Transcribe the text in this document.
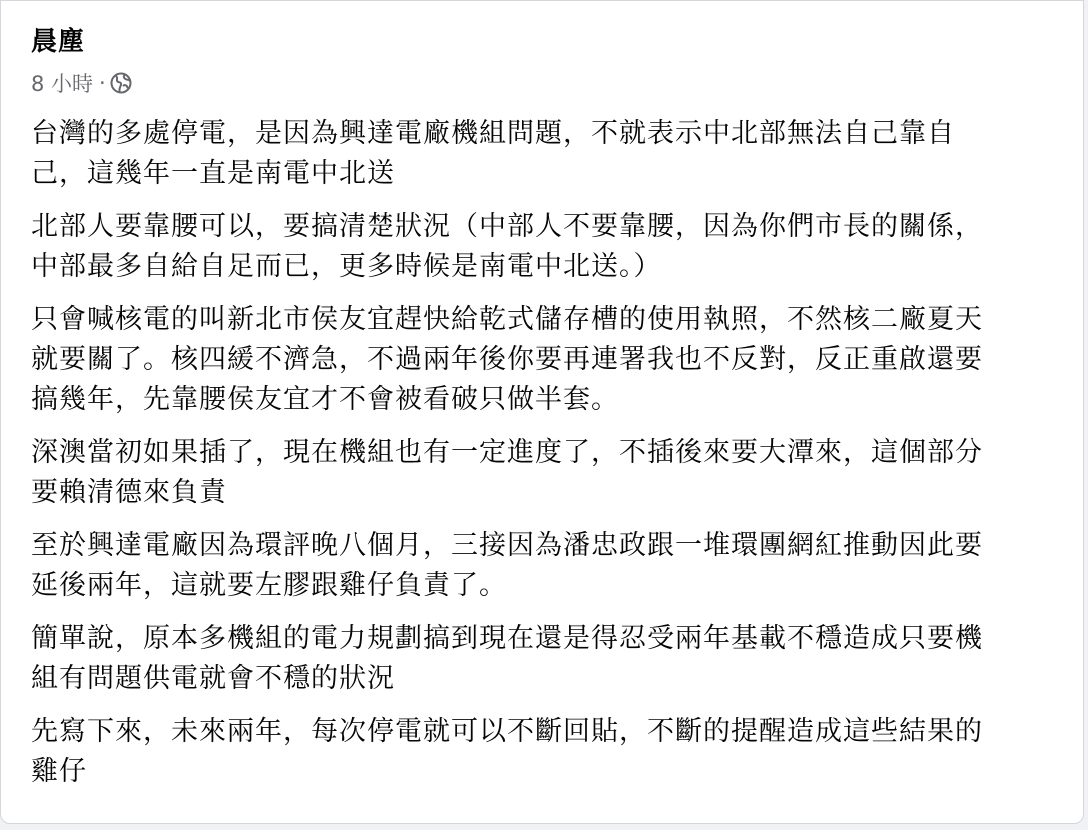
晨塵
8 小時 ·

台灣的多處停電，是因為興達電廠機組問題，不就表示中北部無法自己靠自
己，這幾年一直是南電中北送

北部人要靠腰可以，要搞清楚狀況（中部人不要靠腰，因為你們市長的關係，
中部最多自給自足而已，更多時候是南電中北送。）

只會喊核電的叫新北市侯友宜趕快給乾式儲存槽的使用執照，不然核二廠夏天
就要關了。核四緩不濟急，不過兩年後你要再連署我也不反對，反正重啟還要
搞幾年，先靠腰侯友宜才不會被看破只做半套。

深澳當初如果插了，現在機組也有一定進度了，不插後來要大潭來，這個部分
要賴清德來負責

至於興達電廠因為環評晚八個月，三接因為潘忠政跟一堆環團網紅推動因此要
延後兩年，這就要左膠跟雞仔負責了。

簡單說，原本多機組的電力規劃搞到現在還是得忍受兩年基載不穩造成只要機
組有問題供電就會不穩的狀況

先寫下來，未來兩年，每次停電就可以不斷回貼，不斷的提醒造成這些結果的
雞仔
